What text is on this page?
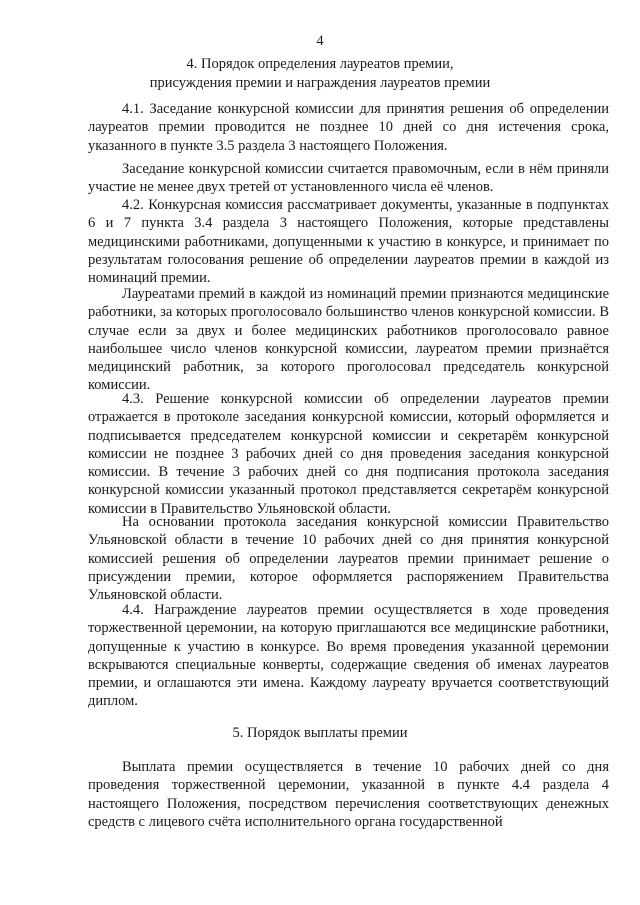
4
4. Порядок определения лауреатов премии,
присуждения премии и награждения лауреатов премии

4.1. Заседание конкурсной комиссии для принятия решения об определении лауреатов премии проводится не позднее 10 дней со дня истечения срока, указанного в пункте 3.5 раздела 3 настоящего Положения.

Заседание конкурсной комиссии считается правомочным, если в нём приняли участие не менее двух третей от установленного числа её членов.

4.2. Конкурсная комиссия рассматривает документы, указанные в подпунктах 6 и 7 пункта 3.4 раздела 3 настоящего Положения, которые представлены медицинскими работниками, допущенными к участию в конкурсе, и принимает по результатам голосования решение об определении лауреатов премии в каждой из номинаций премии.

Лауреатами премий в каждой из номинаций премии признаются медицинские работники, за которых проголосовало большинство членов конкурсной комиссии. В случае если за двух и более медицинских работников проголосовало равное наибольшее число членов конкурсной комиссии, лауреатом премии признаётся медицинский работник, за которого проголосовал председатель конкурсной комиссии.

4.3. Решение конкурсной комиссии об определении лауреатов премии отражается в протоколе заседания конкурсной комиссии, который оформляется и подписывается председателем конкурсной комиссии и секретарём конкурсной комиссии не позднее 3 рабочих дней со дня проведения заседания конкурсной комиссии. В течение 3 рабочих дней со дня подписания протокола заседания конкурсной комиссии указанный протокол представляется секретарём конкурсной комиссии в Правительство Ульяновской области.

На основании протокола заседания конкурсной комиссии Правительство Ульяновской области в течение 10 рабочих дней со дня принятия конкурсной комиссией решения об определении лауреатов премии принимает решение о присуждении премии, которое оформляется распоряжением Правительства Ульяновской области.

4.4. Награждение лауреатов премии осуществляется в ходе проведения торжественной церемонии, на которую приглашаются все медицинские работники, допущенные к участию в конкурсе. Во время проведения указанной церемонии вскрываются специальные конверты, содержащие сведения об именах лауреатов премии, и оглашаются эти имена. Каждому лауреату вручается соответствующий диплом.

5. Порядок выплаты премии

Выплата премии осуществляется в течение 10 рабочих дней со дня проведения торжественной церемонии, указанной в пункте 4.4 раздела 4 настоящего Положения, посредством перечисления соответствующих денежных средств с лицевого счёта исполнительного органа государственной
